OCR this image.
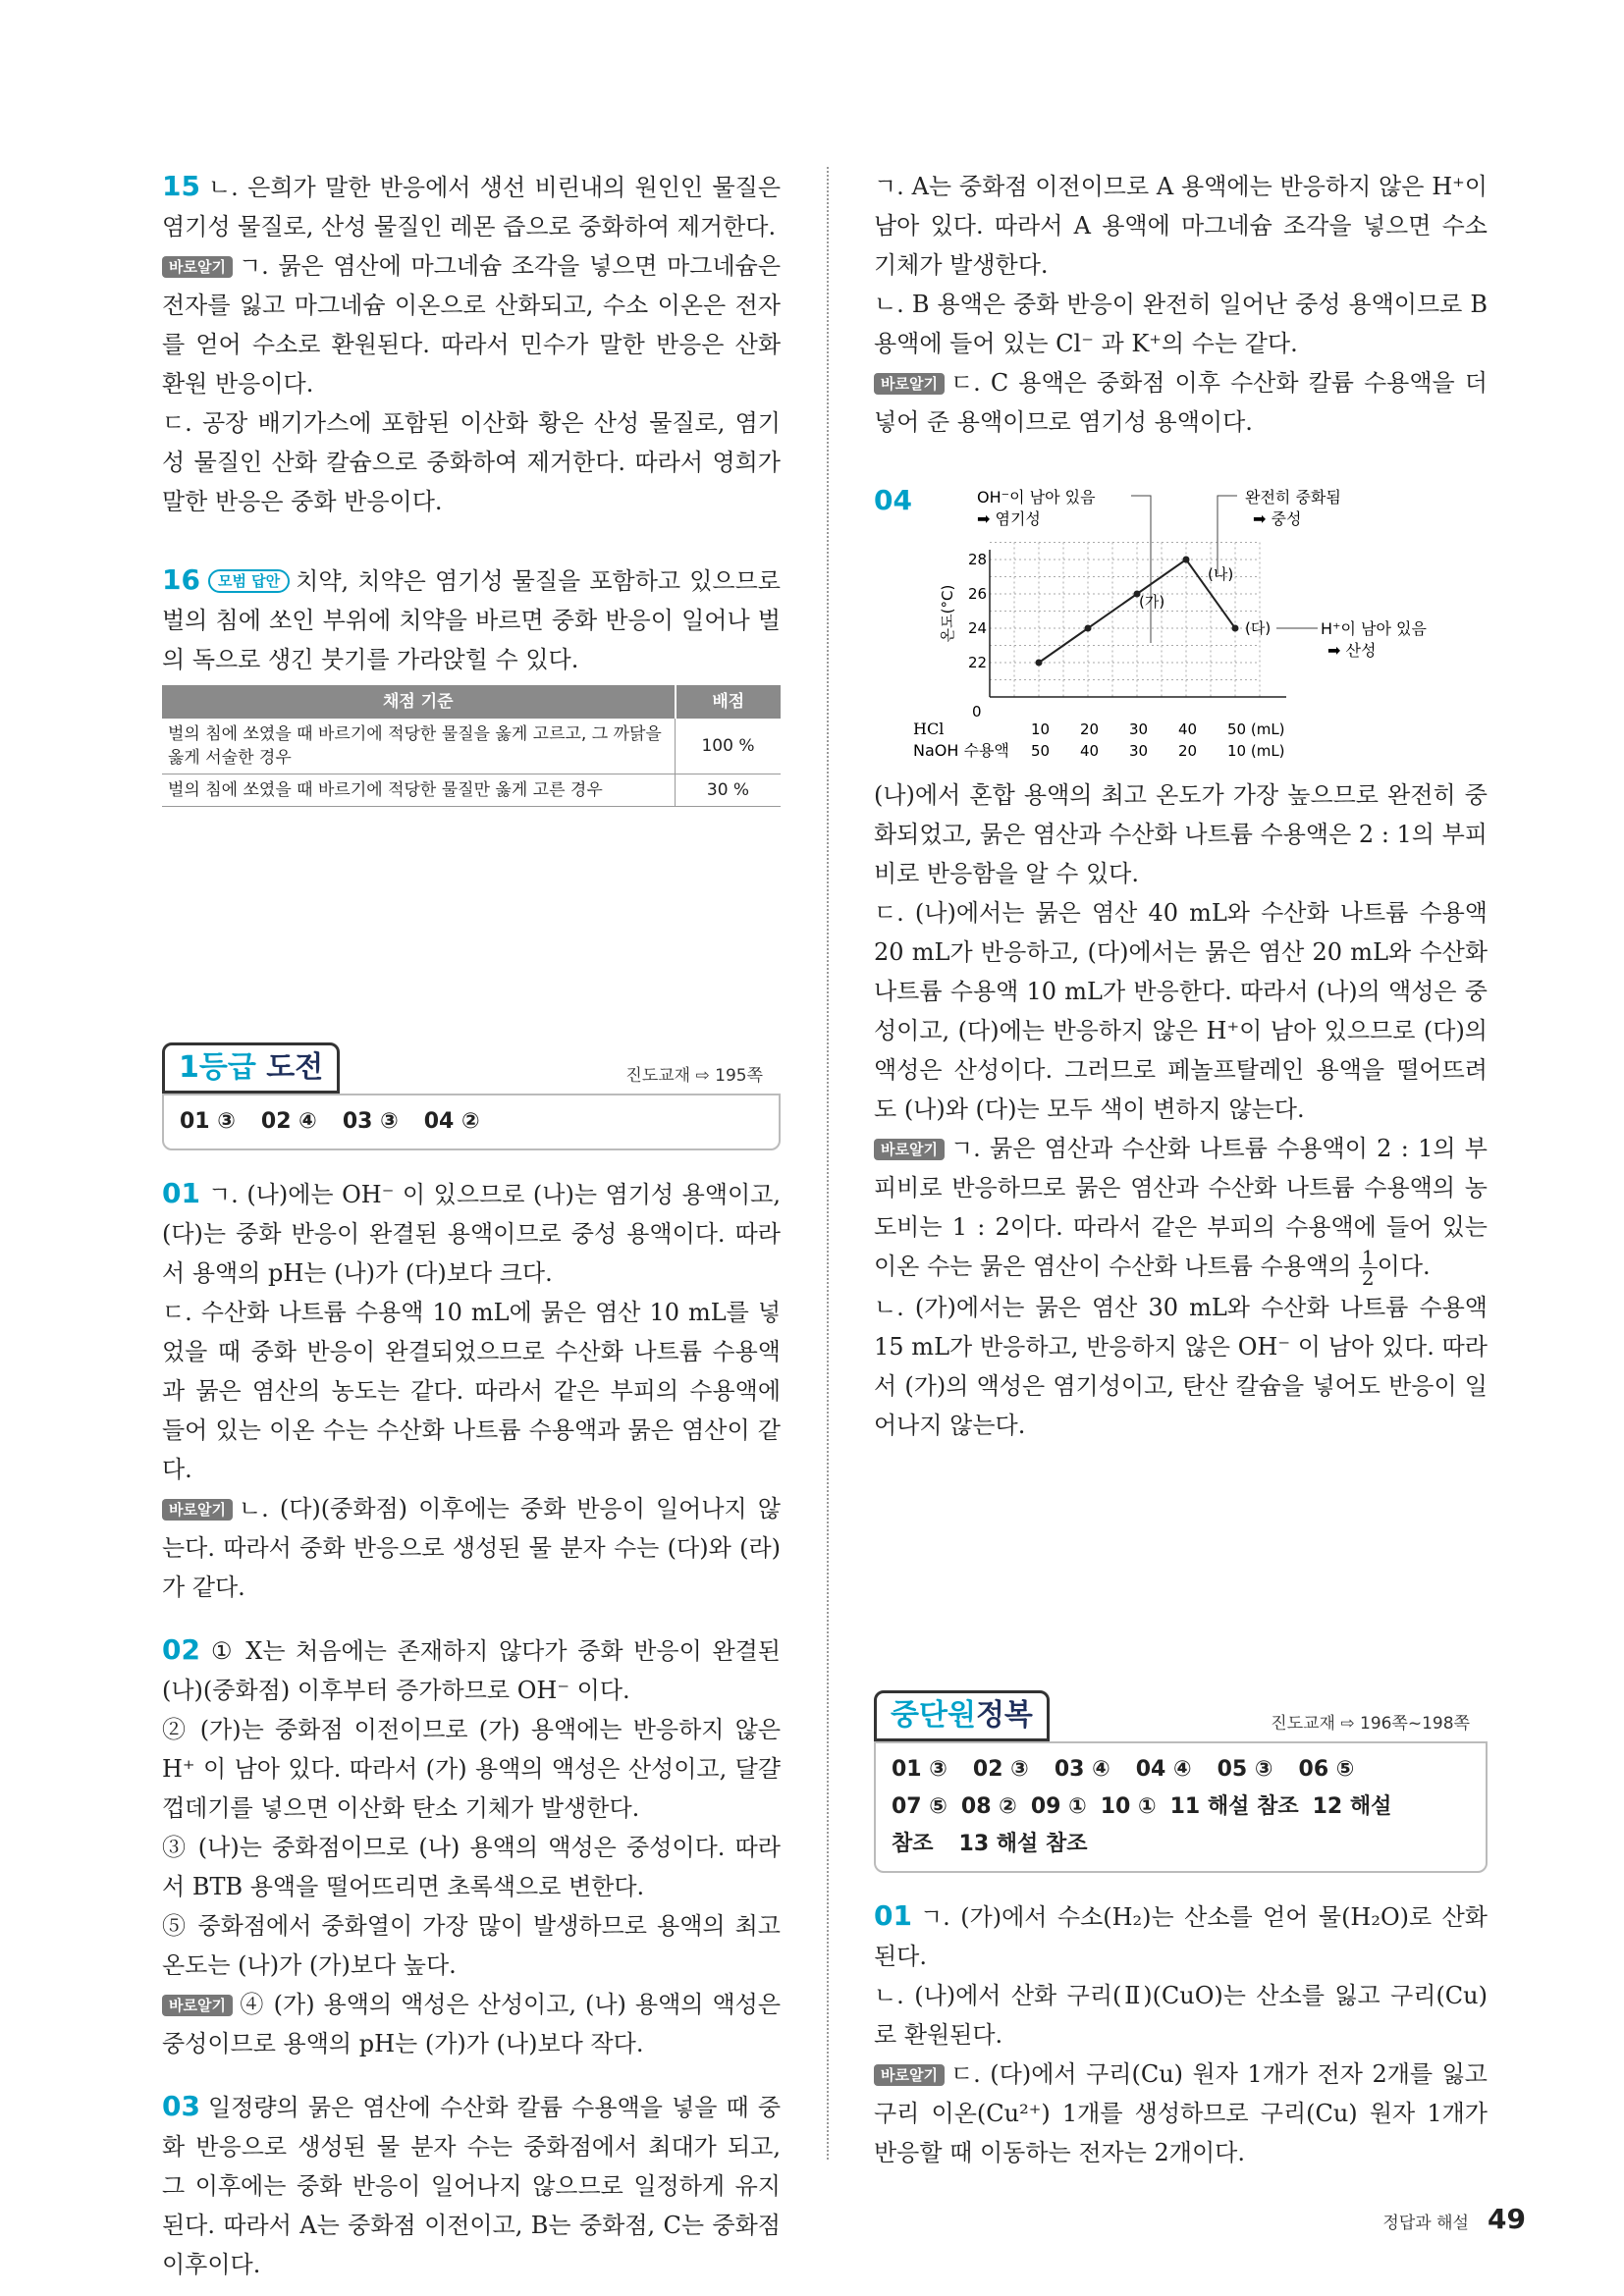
15 ㄴ. 은희가 말한 반응에서 생선 비린내의 원인인 물질은 염기성 물질로, 산성 물질인 레몬 즙으로 중화하여 제거한다.

바로알기 ㄱ. 묽은 염산에 마그네슘 조각을 넣으면 마그네슘은 전자를 잃고 마그네슘 이온으로 산화되고, 수소 이온은 전자를 얻어 수소로 환원된다. 따라서 민수가 말한 반응은 산화 환원 반응이다.

ㄷ. 공장 배기가스에 포함된 이산화 황은 산성 물질로, 염기성 물질인 산화 칼슘으로 중화하여 제거한다. 따라서 영희가 말한 반응은 중화 반응이다.

16 모범 답안 치약, 치약은 염기성 물질을 포함하고 있으므로 벌의 침에 쏘인 부위에 치약을 바르면 중화 반응이 일어나 벌의 독으로 생긴 붓기를 가라앉힐 수 있다.

채점 기준	배점
벌의 침에 쏘였을 때 바르기에 적당한 물질을 옳게 고르고, 그 까닭을 옳게 서술한 경우	100 %
벌의 침에 쏘였을 때 바르기에 적당한 물질만 옳게 고른 경우	30 %
1등급 도전	진도교재 ⇨ 195쪽
01 ③ 02 ④ 03 ③ 04 ②

01 ㄱ. (나)에는 OH⁻ 이 있으므로 (나)는 염기성 용액이고, (다)는 중화 반응이 완결된 용액이므로 중성 용액이다. 따라서 용액의 pH는 (나)가 (다)보다 크다.

ㄷ. 수산화 나트륨 수용액 10 mL에 묽은 염산 10 mL를 넣었을 때 중화 반응이 완결되었으므로 수산화 나트륨 수용액과 묽은 염산의 농도는 같다. 따라서 같은 부피의 수용액에 들어 있는 이온 수는 수산화 나트륨 수용액과 묽은 염산이 같다.

바로알기 ㄴ. (다)(중화점) 이후에는 중화 반응이 일어나지 않는다. 따라서 중화 반응으로 생성된 물 분자 수는 (다)와 (라)가 같다.

02 ① X는 처음에는 존재하지 않다가 중화 반응이 완결된 (나)(중화점) 이후부터 증가하므로 OH⁻ 이다.

② (가)는 중화점 이전이므로 (가) 용액에는 반응하지 않은 H⁺ 이 남아 있다. 따라서 (가) 용액의 액성은 산성이고, 달걀 껍데기를 넣으면 이산화 탄소 기체가 발생한다.

③ (나)는 중화점이므로 (나) 용액의 액성은 중성이다. 따라서 BTB 용액을 떨어뜨리면 초록색으로 변한다.

⑤ 중화점에서 중화열이 가장 많이 발생하므로 용액의 최고 온도는 (나)가 (가)보다 높다.

바로알기 ④ (가) 용액의 액성은 산성이고, (나) 용액의 액성은 중성이므로 용액의 pH는 (가)가 (나)보다 작다.

03 일정량의 묽은 염산에 수산화 칼륨 수용액을 넣을 때 중화 반응으로 생성된 물 분자 수는 중화점에서 최대가 되고, 그 이후에는 중화 반응이 일어나지 않으므로 일정하게 유지된다. 따라서 A는 중화점 이전이고, B는 중화점, C는 중화점 이후이다.

ㄱ. A는 중화점 이전이므로 A 용액에는 반응하지 않은 H⁺이 남아 있다. 따라서 A 용액에 마그네슘 조각을 넣으면 수소 기체가 발생한다.

ㄴ. B 용액은 중화 반응이 완전히 일어난 중성 용액이므로 B 용액에 들어 있는 Cl⁻ 과 K⁺의 수는 같다.

바로알기 ㄷ. C 용액은 중화점 이후 수산화 칼륨 수용액을 더 넣어 준 용액이므로 염기성 용액이다.

04	OH⁻이 남아 있음
➡ 염기성
완전히 중화됨
➡ 중성
H⁺이 남아 있음
➡ 산성
온도(°C)
22
24
26
28
0
HCl
NaOH 수용액
10 20 30 40 50 (mL)
50 40 30 20 10 (mL)
(가)
(나)
(다)

(나)에서 혼합 용액의 최고 온도가 가장 높으므로 완전히 중화되었고, 묽은 염산과 수산화 나트륨 수용액은 2 : 1의 부피비로 반응함을 알 수 있다.

ㄷ. (나)에서는 묽은 염산 40 mL와 수산화 나트륨 수용액 20 mL가 반응하고, (다)에서는 묽은 염산 20 mL와 수산화 나트륨 수용액 10 mL가 반응한다. 따라서 (나)의 액성은 중성이고, (다)에는 반응하지 않은 H⁺이 남아 있으므로 (다)의 액성은 산성이다. 그러므로 페놀프탈레인 용액을 떨어뜨려도 (나)와 (다)는 모두 색이 변하지 않는다.

바로알기 ㄱ. 묽은 염산과 수산화 나트륨 수용액이 2 : 1의 부피비로 반응하므로 묽은 염산과 수산화 나트륨 수용액의 농도비는 1 : 2이다. 따라서 같은 부피의 수용액에 들어 있는 이온 수는 묽은 염산이 수산화 나트륨 수용액의 $\frac{1}{2}$ 이다.

ㄴ. (가)에서는 묽은 염산 30 mL와 수산화 나트륨 수용액 15 mL가 반응하고, 반응하지 않은 OH⁻ 이 남아 있다. 따라서 (가)의 액성은 염기성이고, 탄산 칼슘을 넣어도 반응이 일어나지 않는다.

중단원정복	진도교재 ⇨ 196쪽~198쪽
01 ③ 02 ③ 03 ④ 04 ④ 05 ③ 06 ⑤
07 ⑤ 08 ② 09 ① 10 ① 11 해설 참조 12 해설
참조 13 해설 참조

01 ㄱ. (가)에서 수소(H₂)는 산소를 얻어 물(H₂O)로 산화된다.

ㄴ. (나)에서 산화 구리(Ⅱ)(CuO)는 산소를 잃고 구리(Cu)로 환원된다.

바로알기 ㄷ. (다)에서 구리(Cu) 원자 1개가 전자 2개를 잃고 구리 이온(Cu²⁺) 1개를 생성하므로 구리(Cu) 원자 1개가 반응할 때 이동하는 전자는 2개이다.

정답과 해설 49
